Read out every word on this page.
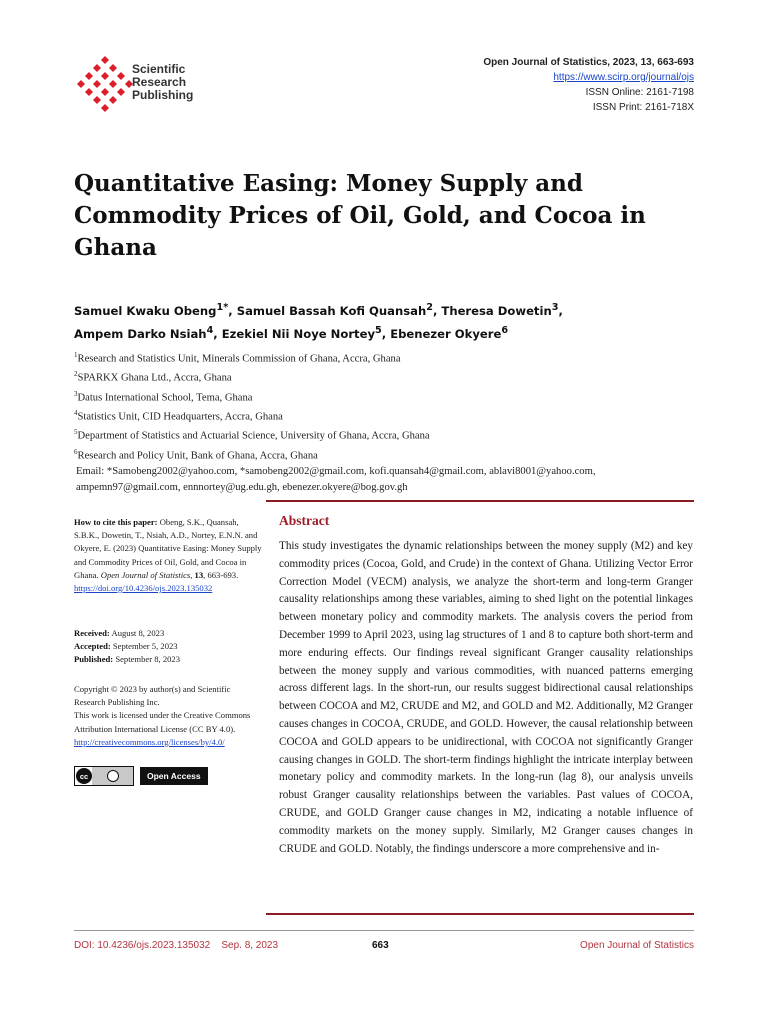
Scientific
Research
Publishing
Open Journal of Statistics, 2023, 13, 663-693
https://www.scirp.org/journal/ojs
ISSN Online: 2161-7198
ISSN Print: 2161-718X
Quantitative Easing: Money Supply and Commodity Prices of Oil, Gold, and Cocoa in Ghana
Samuel Kwaku Obeng$^{1*}$, Samuel Bassah Kofi Quansah$^2$, Theresa Dowetin$^3$,
Ampem Darko Nsiah$^4$, Ezekiel Nii Noye Nortey$^5$, Ebenezer Okyere$^6$
$^1$Research and Statistics Unit, Minerals Commission of Ghana, Accra, Ghana
$^2$SPARKX Ghana Ltd., Accra, Ghana
$^3$Datus International School, Tema, Ghana
$^4$Statistics Unit, CID Headquarters, Accra, Ghana
$^5$Department of Statistics and Actuarial Science, University of Ghana, Accra, Ghana
$^6$Research and Policy Unit, Bank of Ghana, Accra, Ghana
Email: *Samobeng2002@yahoo.com, *samobeng2002@gmail.com, kofi.quansah4@gmail.com, ablavi8001@yahoo.com,
ampemn97@gmail.com, ennnortey@ug.edu.gh, ebenezer.okyere@bog.gov.gh
How to cite this paper: Obeng, S.K., Quansah, S.B.K., Dowetin, T., Nsiah, A.D., Nortey, E.N.N. and Okyere, E. (2023) Quantitative Easing: Money Supply and Commodity Prices of Oil, Gold, and Cocoa in Ghana. Open Journal of Statistics, 13, 663-693.
https://doi.org/10.4236/ojs.2023.135032
Received: August 8, 2023
Accepted: September 5, 2023
Published: September 8, 2023
Copyright © 2023 by author(s) and Scientific Research Publishing Inc.
This work is licensed under the Creative Commons Attribution International License (CC BY 4.0).
http://creativecommons.org/licenses/by/4.0/
cc	Open Access
Abstract

This study investigates the dynamic relationships between the money supply (M2) and key commodity prices (Cocoa, Gold, and Crude) in the context of Ghana. Utilizing Vector Error Correction Model (VECM) analysis, we analyze the short-term and long-term Granger causality relationships among these variables, aiming to shed light on the potential linkages between monetary policy and commodity markets. The analysis covers the period from December 1999 to April 2023, using lag structures of 1 and 8 to capture both short-term and more enduring effects. Our findings reveal significant Granger causality relationships between the money supply and various commodities, with nuanced patterns emerging across different lags. In the short-run, our results suggest bidirectional causal relationships between COCOA and M2, CRUDE and M2, and GOLD and M2. Additionally, M2 Granger causes changes in COCOA, CRUDE, and GOLD. However, the causal relationship between COCOA and GOLD appears to be unidirectional, with COCOA not significantly Granger causing changes in GOLD. The short-term findings highlight the intricate interplay between monetary policy and commodity markets. In the long-run (lag 8), our analysis unveils robust Granger causality relationships between the variables. Past values of COCOA, CRUDE, and GOLD Granger cause changes in M2, indicating a notable influence of commodity markets on the money supply. Similarly, M2 Granger causes changes in CRUDE and GOLD. Notably, the findings underscore a more comprehensive and in-

DOI: 10.4236/ojs.2023.135032 Sep. 8, 2023	663	Open Journal of Statistics
